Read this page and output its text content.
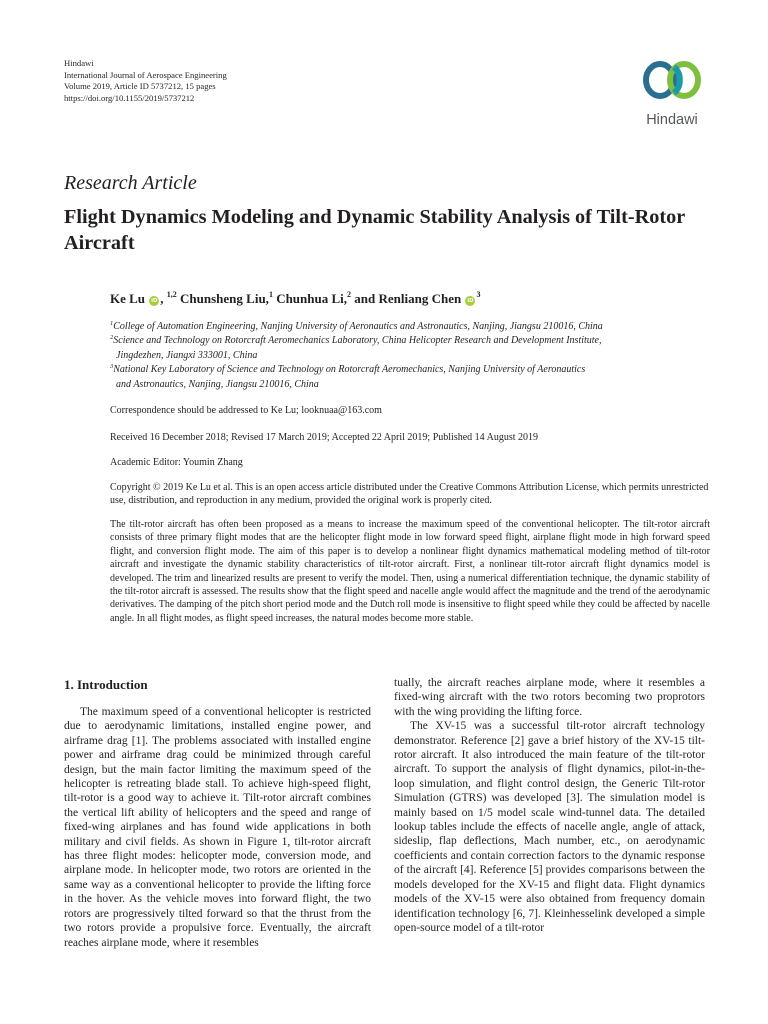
Hindawi
International Journal of Aerospace Engineering
Volume 2019, Article ID 5737212, 15 pages
https://doi.org/10.1155/2019/5737212
Hindawi
Research Article
Flight Dynamics Modeling and Dynamic Stability Analysis of Tilt-Rotor Aircraft
Ke Lu iD , $^{1,2}$ Chunsheng Liu,$^1$ Chunhua Li,$^2$ and Renliang Chen $iD^3$
$^1$College of Automation Engineering, Nanjing University of Aeronautics and Astronautics, Nanjing, Jiangsu 210016, China
$^2$Science and Technology on Rotorcraft Aeromechanics Laboratory, China Helicopter Research and Development Institute,
Jingdezhen, Jiangxi 333001, China
$^3$National Key Laboratory of Science and Technology on Rotorcraft Aeromechanics, Nanjing University of Aeronautics
and Astronautics, Nanjing, Jiangsu 210016, China
Correspondence should be addressed to Ke Lu; looknuaa@163.com
Received 16 December 2018; Revised 17 March 2019; Accepted 22 April 2019; Published 14 August 2019
Academic Editor: Youmin Zhang
Copyright © 2019 Ke Lu et al. This is an open access article distributed under the Creative Commons Attribution License, which permits unrestricted use, distribution, and reproduction in any medium, provided the original work is properly cited.
The tilt-rotor aircraft has often been proposed as a means to increase the maximum speed of the conventional helicopter. The tilt-rotor aircraft consists of three primary flight modes that are the helicopter flight mode in low forward speed flight, airplane flight mode in high forward speed flight, and conversion flight mode. The aim of this paper is to develop a nonlinear flight dynamics mathematical modeling method of tilt-rotor aircraft and investigate the dynamic stability characteristics of tilt-rotor aircraft. First, a nonlinear tilt-rotor aircraft flight dynamics model is developed. The trim and linearized results are present to verify the model. Then, using a numerical differentiation technique, the dynamic stability of the tilt-rotor aircraft is assessed. The results show that the flight speed and nacelle angle would affect the magnitude and the trend of the aerodynamic derivatives. The damping of the pitch short period mode and the Dutch roll mode is insensitive to flight speed while they could be affected by nacelle angle. In all flight modes, as flight speed increases, the natural modes become more stable.
1. Introduction

The maximum speed of a conventional helicopter is restricted due to aerodynamic limitations, installed engine power, and airframe drag [1]. The problems associated with installed engine power and airframe drag could be minimized through careful design, but the main factor limiting the maximum speed of the helicopter is retreating blade stall. To achieve high-speed flight, tilt-rotor is a good way to achieve it. Tilt-rotor aircraft combines the vertical lift ability of helicopters and the speed and range of fixed-wing airplanes and has found wide applications in both military and civil fields. As shown in Figure 1, tilt-rotor aircraft has three flight modes: helicopter mode, conversion mode, and airplane mode. In helicopter mode, two rotors are oriented in the same way as a conventional helicopter to provide the lifting force in the hover. As the vehicle moves into forward flight, the two rotors are progressively tilted forward so that the thrust from the two rotors provide a propulsive force. Eventually, the aircraft reaches airplane mode, where it resembles

tually, the aircraft reaches airplane mode, where it resembles a fixed-wing aircraft with the two rotors becoming two proprotors with the wing providing the lifting force.

The XV-15 was a successful tilt-rotor aircraft technology demonstrator. Reference [2] gave a brief history of the XV-15 tilt-rotor aircraft. It also introduced the main feature of the tilt-rotor aircraft. To support the analysis of flight dynamics, pilot-in-the-loop simulation, and flight control design, the Generic Tilt-rotor Simulation (GTRS) was developed [3]. The simulation model is mainly based on 1/5 model scale wind-tunnel data. The detailed lookup tables include the effects of nacelle angle, angle of attack, sideslip, flap deflections, Mach number, etc., on aerodynamic coefficients and contain correction factors to the dynamic response of the aircraft [4]. Reference [5] provides comparisons between the models developed for the XV-15 and flight data. Flight dynamics models of the XV-15 were also obtained from frequency domain identification technology [6, 7]. Kleinhesselink developed a simple open-source model of a tilt-rotor
